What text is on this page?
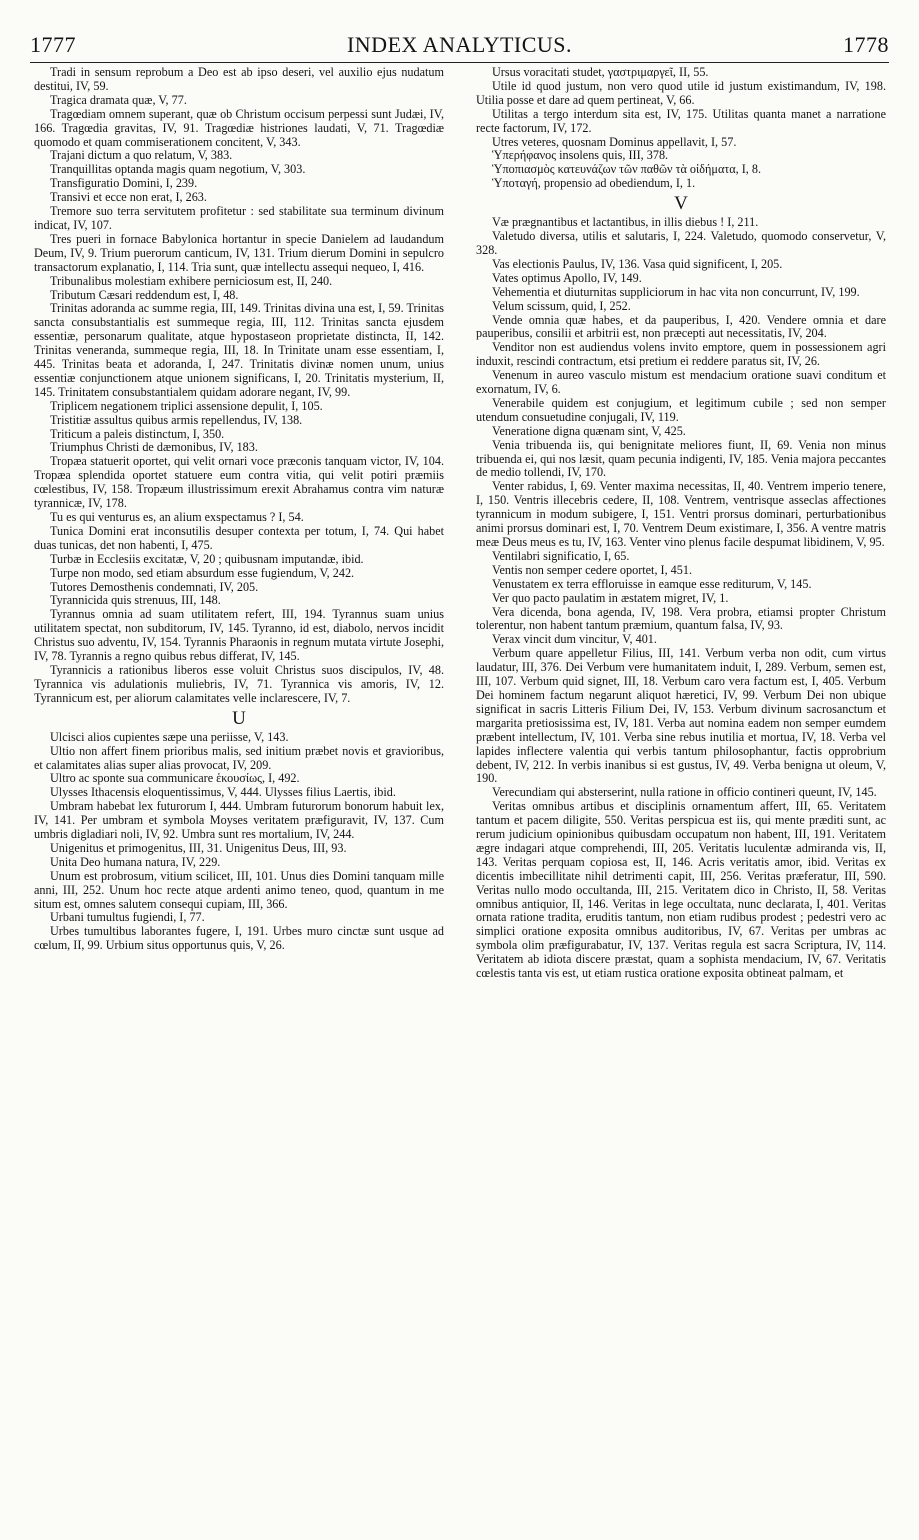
INDEX ANALYTICUS.
1777	1778

Tradi in sensum reprobum a Deo est ab ipso deseri, vel auxilio ejus nudatum destitui, IV, 59.

Tragica dramata quæ, V, 77.

Tragœdiam omnem superant, quæ ob Christum occisum perpessi sunt Judæi, IV, 166. Tragœdia gravitas, IV, 91. Tragœdiæ histriones laudati, V, 71. Tragœdiæ quomodo et quam commiserationem concitent, V, 343.

Trajani dictum a quo relatum, V, 383.

Tranquillitas optanda magis quam negotium, V, 303.

Transfiguratio Domini, I, 239.

Transivi et ecce non erat, I, 263.

Tremore suo terra servitutem profitetur : sed stabilitate sua terminum divinum indicat, IV, 107.

Tres pueri in fornace Babylonica hortantur in specie Danielem ad laudandum Deum, IV, 9. Trium puerorum canticum, IV, 131. Trium dierum Domini in sepulcro transactorum explanatio, I, 114. Tria sunt, quæ intellectu assequi nequeo, I, 416.

Tribunalibus molestiam exhibere perniciosum est, II, 240.

Tributum Cæsari reddendum est, I, 48.

Trinitas adoranda ac summe regia, III, 149. Trinitas divina una est, I, 59. Trinitas sancta consubstantialis est summeque regia, III, 112. Trinitas sancta ejusdem essentiæ, personarum qualitate, atque hypostaseon proprietate distincta, II, 142. Trinitas veneranda, summeque regia, III, 18. In Trinitate unam esse essentiam, I, 445. Trinitas beata et adoranda, I, 247. Trinitatis divinæ nomen unum, unius essentiæ conjunctionem atque unionem significans, I, 20. Trinitatis mysterium, II, 145. Trinitatem consubstantialem quidam adorare negant, IV, 99.

Triplicem negationem triplici assensione depulit, I, 105.

Tristitiæ assultus quibus armis repellendus, IV, 138.

Triticum a paleis distinctum, I, 350.

Triumphus Christi de dæmonibus, IV, 183.

Tropæa statuerit oportet, qui velit ornari voce præconis tanquam victor, IV, 104. Tropæa splendida oportet statuere eum contra vitia, qui velit potiri præmiis cœlestibus, IV, 158. Tropæum illustrissimum erexit Abrahamus contra vim naturæ tyrannicæ, IV, 178.

Tu es qui venturus es, an alium exspectamus ? I, 54.

Tunica Domini erat inconsutilis desuper contexta per totum, I, 74. Qui habet duas tunicas, det non habenti, I, 475.

Turbæ in Ecclesiis excitatæ, V, 20 ; quibusnam imputandæ, ibid.

Turpe non modo, sed etiam absurdum esse fugiendum, V, 242.

Tutores Demosthenis condemnati, IV, 205.

Tyrannicida quis strenuus, III, 148.

Tyrannus omnia ad suam utilitatem refert, III, 194. Tyrannus suam unius utilitatem spectat, non subditorum, IV, 145. Tyranno, id est, diabolo, nervos incidit Christus suo adventu, IV, 154. Tyrannis Pharaonis in regnum mutata virtute Josephi, IV, 78. Tyrannis a regno quibus rebus differat, IV, 145.

Tyrannicis a rationibus liberos esse voluit Christus suos discipulos, IV, 48. Tyrannica vis adulationis muliebris, IV, 71. Tyrannica vis amoris, IV, 12. Tyrannicum est, per aliorum calamitates velle inclarescere, IV, 7.

U

Ulcisci alios cupientes sæpe una periisse, V, 143.

Ultio non affert finem prioribus malis, sed initium præbet novis et gravioribus, et calamitates alias super alias provocat, IV, 209.

Ultro ac sponte sua communicare ἑκουσίως, I, 492.

Ulysses Ithacensis eloquentissimus, V, 444. Ulysses filius Laertis, ibid.

Umbram habebat lex futurorum I, 444. Umbram futurorum bonorum habuit lex, IV, 141. Per umbram et symbola Moyses veritatem præfiguravit, IV, 137. Cum umbris digladiari noli, IV, 92. Umbra sunt res mortalium, IV, 244.

Unigenitus et primogenitus, III, 31. Unigenitus Deus, III, 93.

Unita Deo humana natura, IV, 229.

Unum est probrosum, vitium scilicet, III, 101. Unus dies Domini tanquam mille anni, III, 252. Unum hoc recte atque ardenti animo teneo, quod, quantum in me situm est, omnes salutem consequi cupiam, III, 366.

Urbani tumultus fugiendi, I, 77.

Urbes tumultibus laborantes fugere, I, 191. Urbes muro cinctæ sunt usque ad cœlum, II, 99. Urbium situs opportunus quis, V, 26.

Ursus voracitati studet, γαστριμαργεῖ, II, 55.

Utile id quod justum, non vero quod utile id justum existimandum, IV, 198. Utilia posse et dare ad quem pertineat, V, 66.

Utilitas a tergo interdum sita est, IV, 175. Utilitas quanta manet a narratione recte factorum, IV, 172.

Utres veteres, quosnam Dominus appellavit, I, 57.

Ὑπερήφανος insolens quis, III, 378.

Ὑποπιασμὸς κατευνάζων τῶν παθῶν τὰ οἰδήματα, I, 8.

Ὑποταγή, propensio ad obediendum, I, 1.

V

Væ prægnantibus et lactantibus, in illis diebus ! I, 211.

Valetudo diversa, utilis et salutaris, I, 224. Valetudo, quomodo conservetur, V, 328.

Vas electionis Paulus, IV, 136. Vasa quid significent, I, 205.

Vates optimus Apollo, IV, 149.

Vehementia et diuturnitas suppliciorum in hac vita non concurrunt, IV, 199.

Velum scissum, quid, I, 252.

Vende omnia quæ habes, et da pauperibus, I, 420. Vendere omnia et dare pauperibus, consilii et arbitrii est, non præcepti aut necessitatis, IV, 204.

Venditor non est audiendus volens invito emptore, quem in possessionem agri induxit, rescindi contractum, etsi pretium ei reddere paratus sit, IV, 26.

Venenum in aureo vasculo mistum est mendacium oratione suavi conditum et exornatum, IV, 6.

Venerabile quidem est conjugium, et legitimum cubile ; sed non semper utendum consuetudine conjugali, IV, 119.

Veneratione digna quænam sint, V, 425.

Venia tribuenda iis, qui benignitate meliores fiunt, II, 69. Venia non minus tribuenda ei, qui nos læsit, quam pecunia indigenti, IV, 185. Venia majora peccantes de medio tollendi, IV, 170.

Venter rabidus, I, 69. Venter maxima necessitas, II, 40. Ventrem imperio tenere, I, 150. Ventris illecebris cedere, II, 108. Ventrem, ventrisque asseclas affectiones tyrannicum in modum subigere, I, 151. Ventri prorsus dominari, perturbationibus animi prorsus dominari est, I, 70. Ventrem Deum existimare, I, 356. A ventre matris meæ Deus meus es tu, IV, 163. Venter vino plenus facile despumat libidinem, V, 95.

Ventilabri significatio, I, 65.

Ventis non semper cedere oportet, I, 451.

Venustatem ex terra effloruisse in eamque esse rediturum, V, 145.

Ver quo pacto paulatim in æstatem migret, IV, 1.

Vera dicenda, bona agenda, IV, 198. Vera probra, etiamsi propter Christum tolerentur, non habent tantum præmium, quantum falsa, IV, 93.

Verax vincit dum vincitur, V, 401.

Verbum quare appelletur Filius, III, 141. Verbum verba non odit, cum virtus laudatur, III, 376. Dei Verbum vere humanitatem induit, I, 289. Verbum, semen est, III, 107. Verbum quid signet, III, 18. Verbum caro vera factum est, I, 405. Verbum Dei hominem factum negarunt aliquot hæretici, IV, 99. Verbum Dei non ubique significat in sacris Litteris Filium Dei, IV, 153. Verbum divinum sacrosanctum et margarita pretiosissima est, IV, 181. Verba aut nomina eadem non semper eumdem præbent intellectum, IV, 101. Verba sine rebus inutilia et mortua, IV, 18. Verba vel lapides inflectere valentia qui verbis tantum philosophantur, factis opprobrium debent, IV, 212. In verbis inanibus si est gustus, IV, 49. Verba benigna ut oleum, V, 190.

Verecundiam qui absterserint, nulla ratione in officio contineri queunt, IV, 145.

Veritas omnibus artibus et disciplinis ornamentum affert, III, 65. Veritatem tantum et pacem diligite, 550. Veritas perspicua est iis, qui mente præditi sunt, ac rerum judicium opinionibus quibusdam occupatum non habent, III, 191. Veritatem ægre indagari atque comprehendi, III, 205. Veritatis luculentæ admiranda vis, II, 143. Veritas perquam copiosa est, II, 146. Acris veritatis amor, ibid. Veritas ex dicentis imbecillitate nihil detrimenti capit, III, 256. Veritas præferatur, III, 590. Veritas nullo modo occultanda, III, 215. Veritatem dico in Christo, II, 58. Veritas omnibus antiquior, II, 146. Veritas in lege occultata, nunc declarata, I, 401. Veritas ornata ratione tradita, eruditis tantum, non etiam rudibus prodest ; pedestri vero ac simplici oratione exposita omnibus auditoribus, IV, 67. Veritas per umbras ac symbola olim præfigurabatur, IV, 137. Veritas regula est sacra Scriptura, IV, 114. Veritatem ab idiota discere præstat, quam a sophista mendacium, IV, 67. Veritatis cœlestis tanta vis est, ut etiam rustica oratione exposita obtineat palmam, et
